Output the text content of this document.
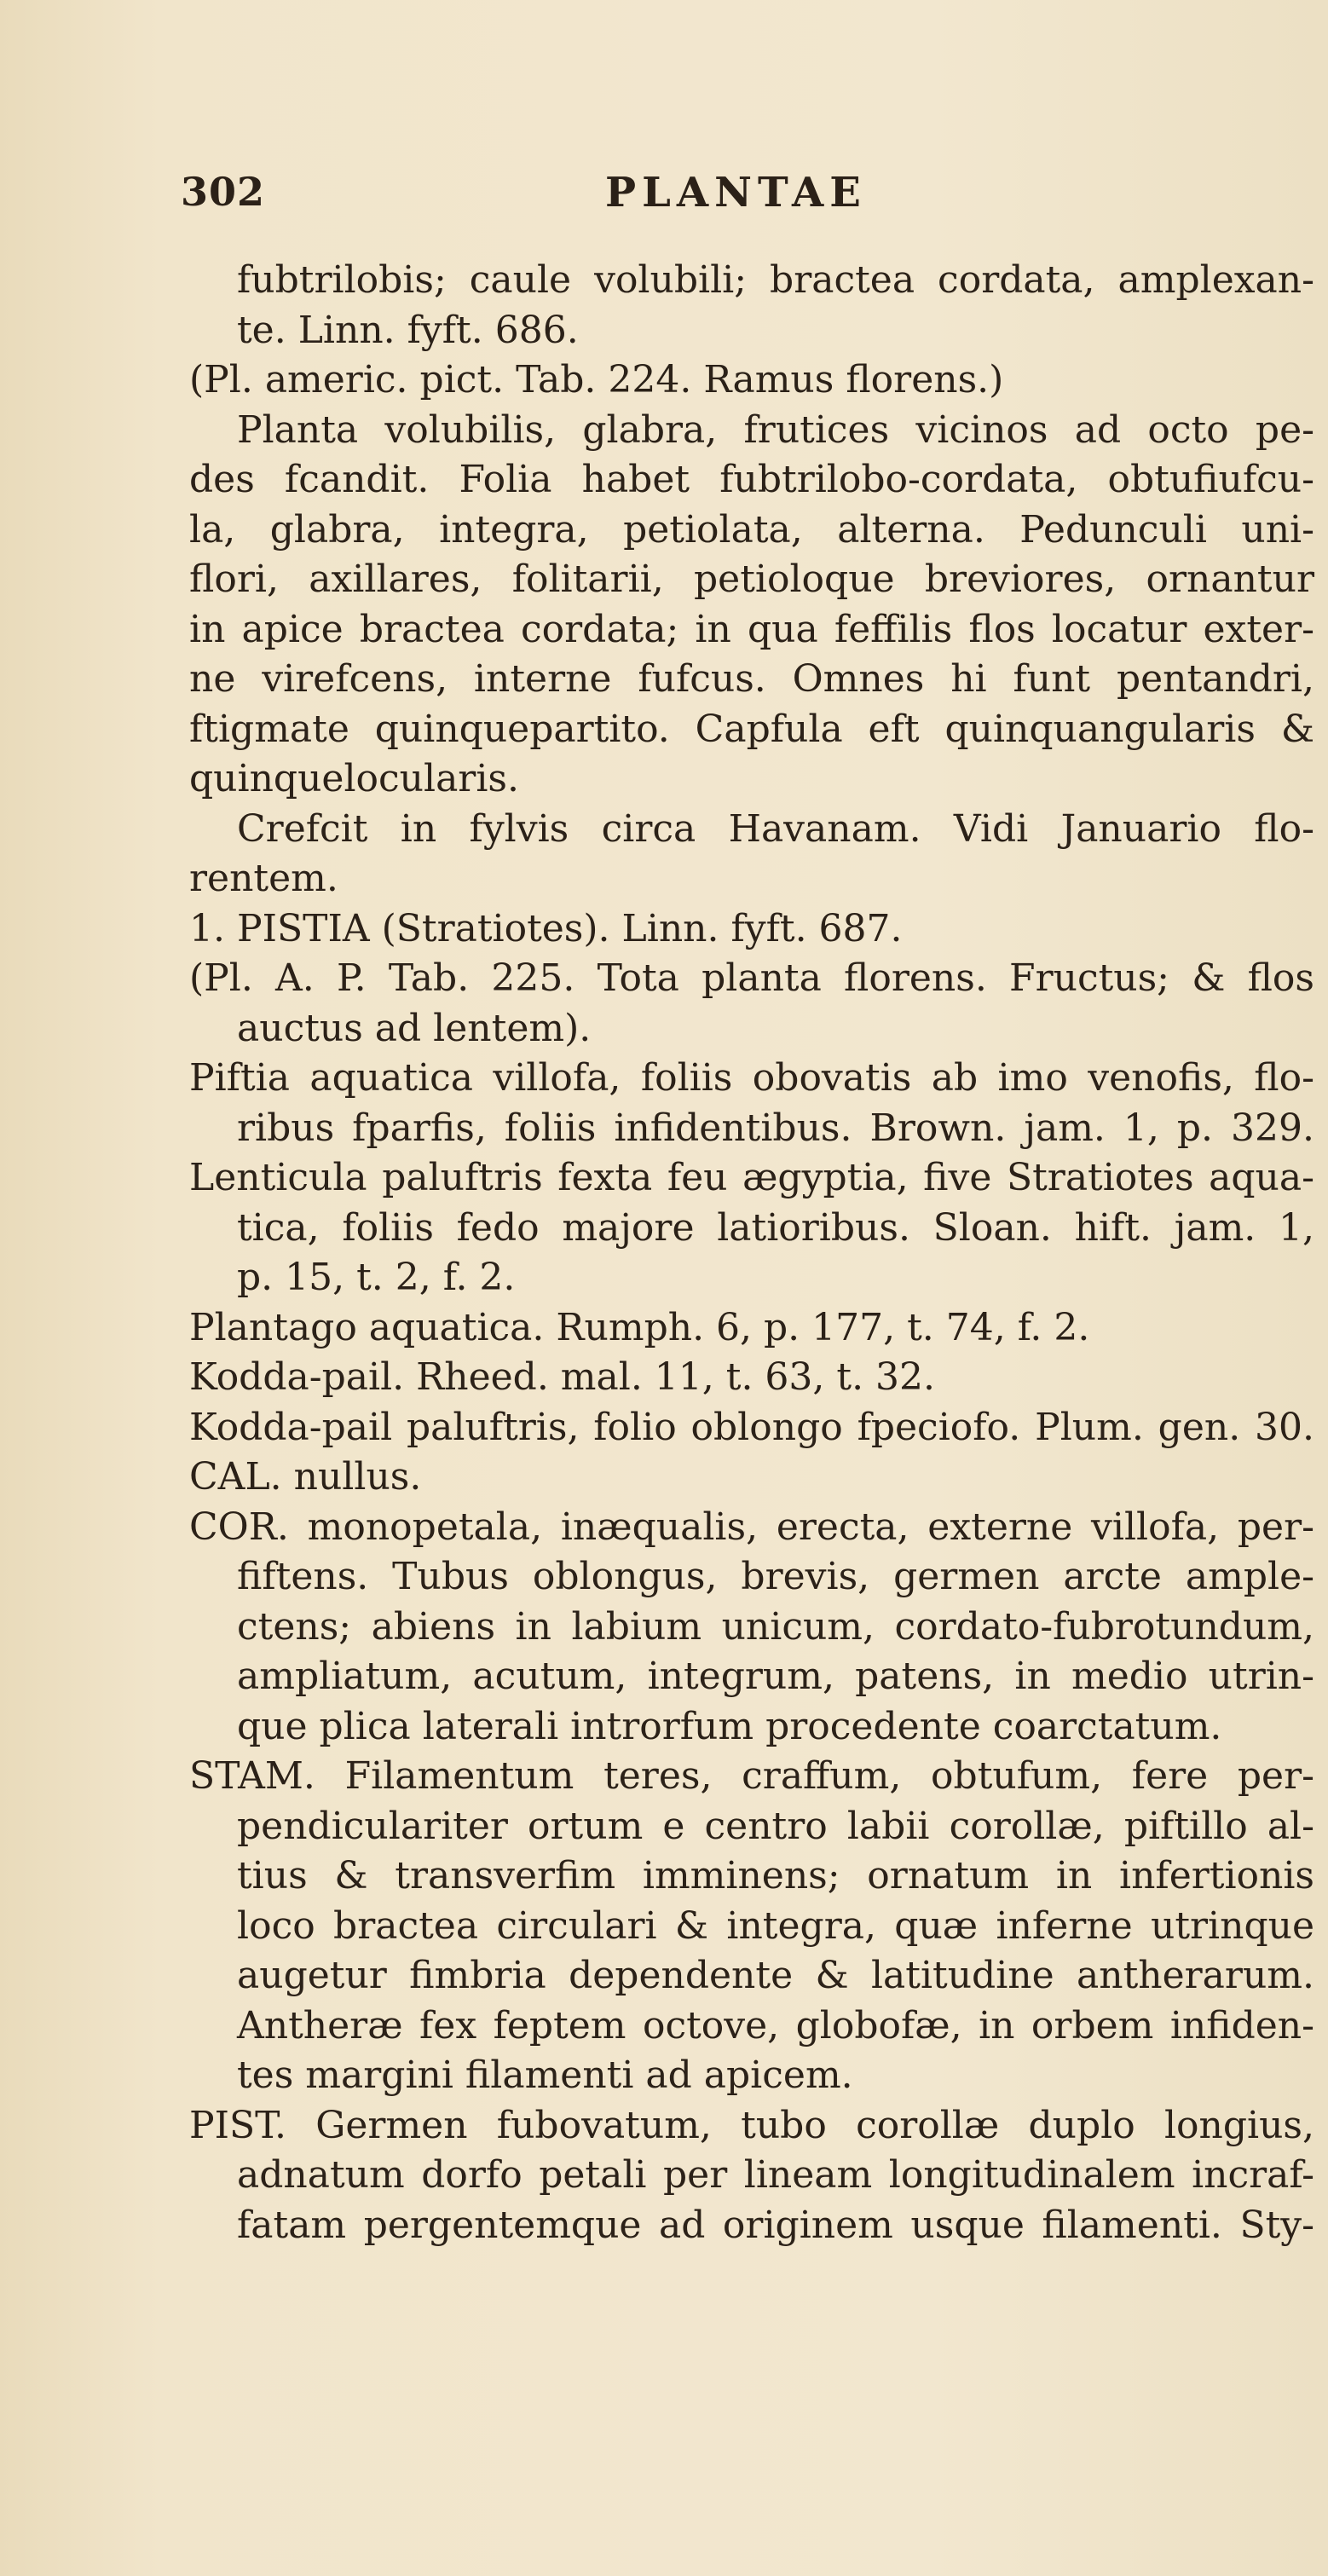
302	PLANTAE
fubtrilobis; caule volubili; bractea cordata, amplexan-
te. Linn. fyft. 686.
(Pl. americ. pict. Tab. 224. Ramus florens.)
Planta volubilis, glabra, frutices vicinos ad octo pe-
des fcandit. Folia habet fubtrilobo-cordata, obtufiufcu-
la, glabra, integra, petiolata, alterna. Pedunculi uni-
flori, axillares, folitarii, petioloque breviores, ornantur
in apice bractea cordata; in qua feffilis flos locatur exter-
ne virefcens, interne fufcus. Omnes hi funt pentandri,
ftigmate quinquepartito. Capfula eft quinquangularis &
quinquelocularis.
Crefcit in fylvis circa Havanam. Vidi Januario flo-
rentem.
1. PISTIA (Stratiotes). Linn. fyft. 687.
(Pl. A. P. Tab. 225. Tota planta florens. Fructus; & flos
auctus ad lentem).
Piftia aquatica villofa, foliis obovatis ab imo venofis, flo-
ribus fparfis, foliis infidentibus. Brown. jam. 1, p. 329.
Lenticula paluftris fexta feu ægyptia, five Stratiotes aqua-
tica, foliis fedo majore latioribus. Sloan. hift. jam. 1,
p. 15, t. 2, f. 2.
Plantago aquatica. Rumph. 6, p. 177, t. 74, f. 2.
Kodda-pail. Rheed. mal. 11, t. 63, t. 32.
Kodda-pail paluftris, folio oblongo fpeciofo. Plum. gen. 30.
CAL. nullus.
COR. monopetala, inæqualis, erecta, externe villofa, per-
fiftens. Tubus oblongus, brevis, germen arcte ample-
ctens; abiens in labium unicum, cordato-fubrotundum,
ampliatum, acutum, integrum, patens, in medio utrin-
que plica laterali introrfum procedente coarctatum.
STAM. Filamentum teres, craffum, obtufum, fere per-
pendiculariter ortum e centro labii corollæ, piftillo al-
tius & transverfim imminens; ornatum in infertionis
loco bractea circulari & integra, quæ inferne utrinque
augetur fimbria dependente & latitudine antherarum.
Antheræ fex feptem octove, globofæ, in orbem infiden-
tes margini filamenti ad apicem.
PIST. Germen fubovatum, tubo corollæ duplo longius,
adnatum dorfo petali per lineam longitudinalem incraf-
fatam pergentemque ad originem usque filamenti. Sty-
